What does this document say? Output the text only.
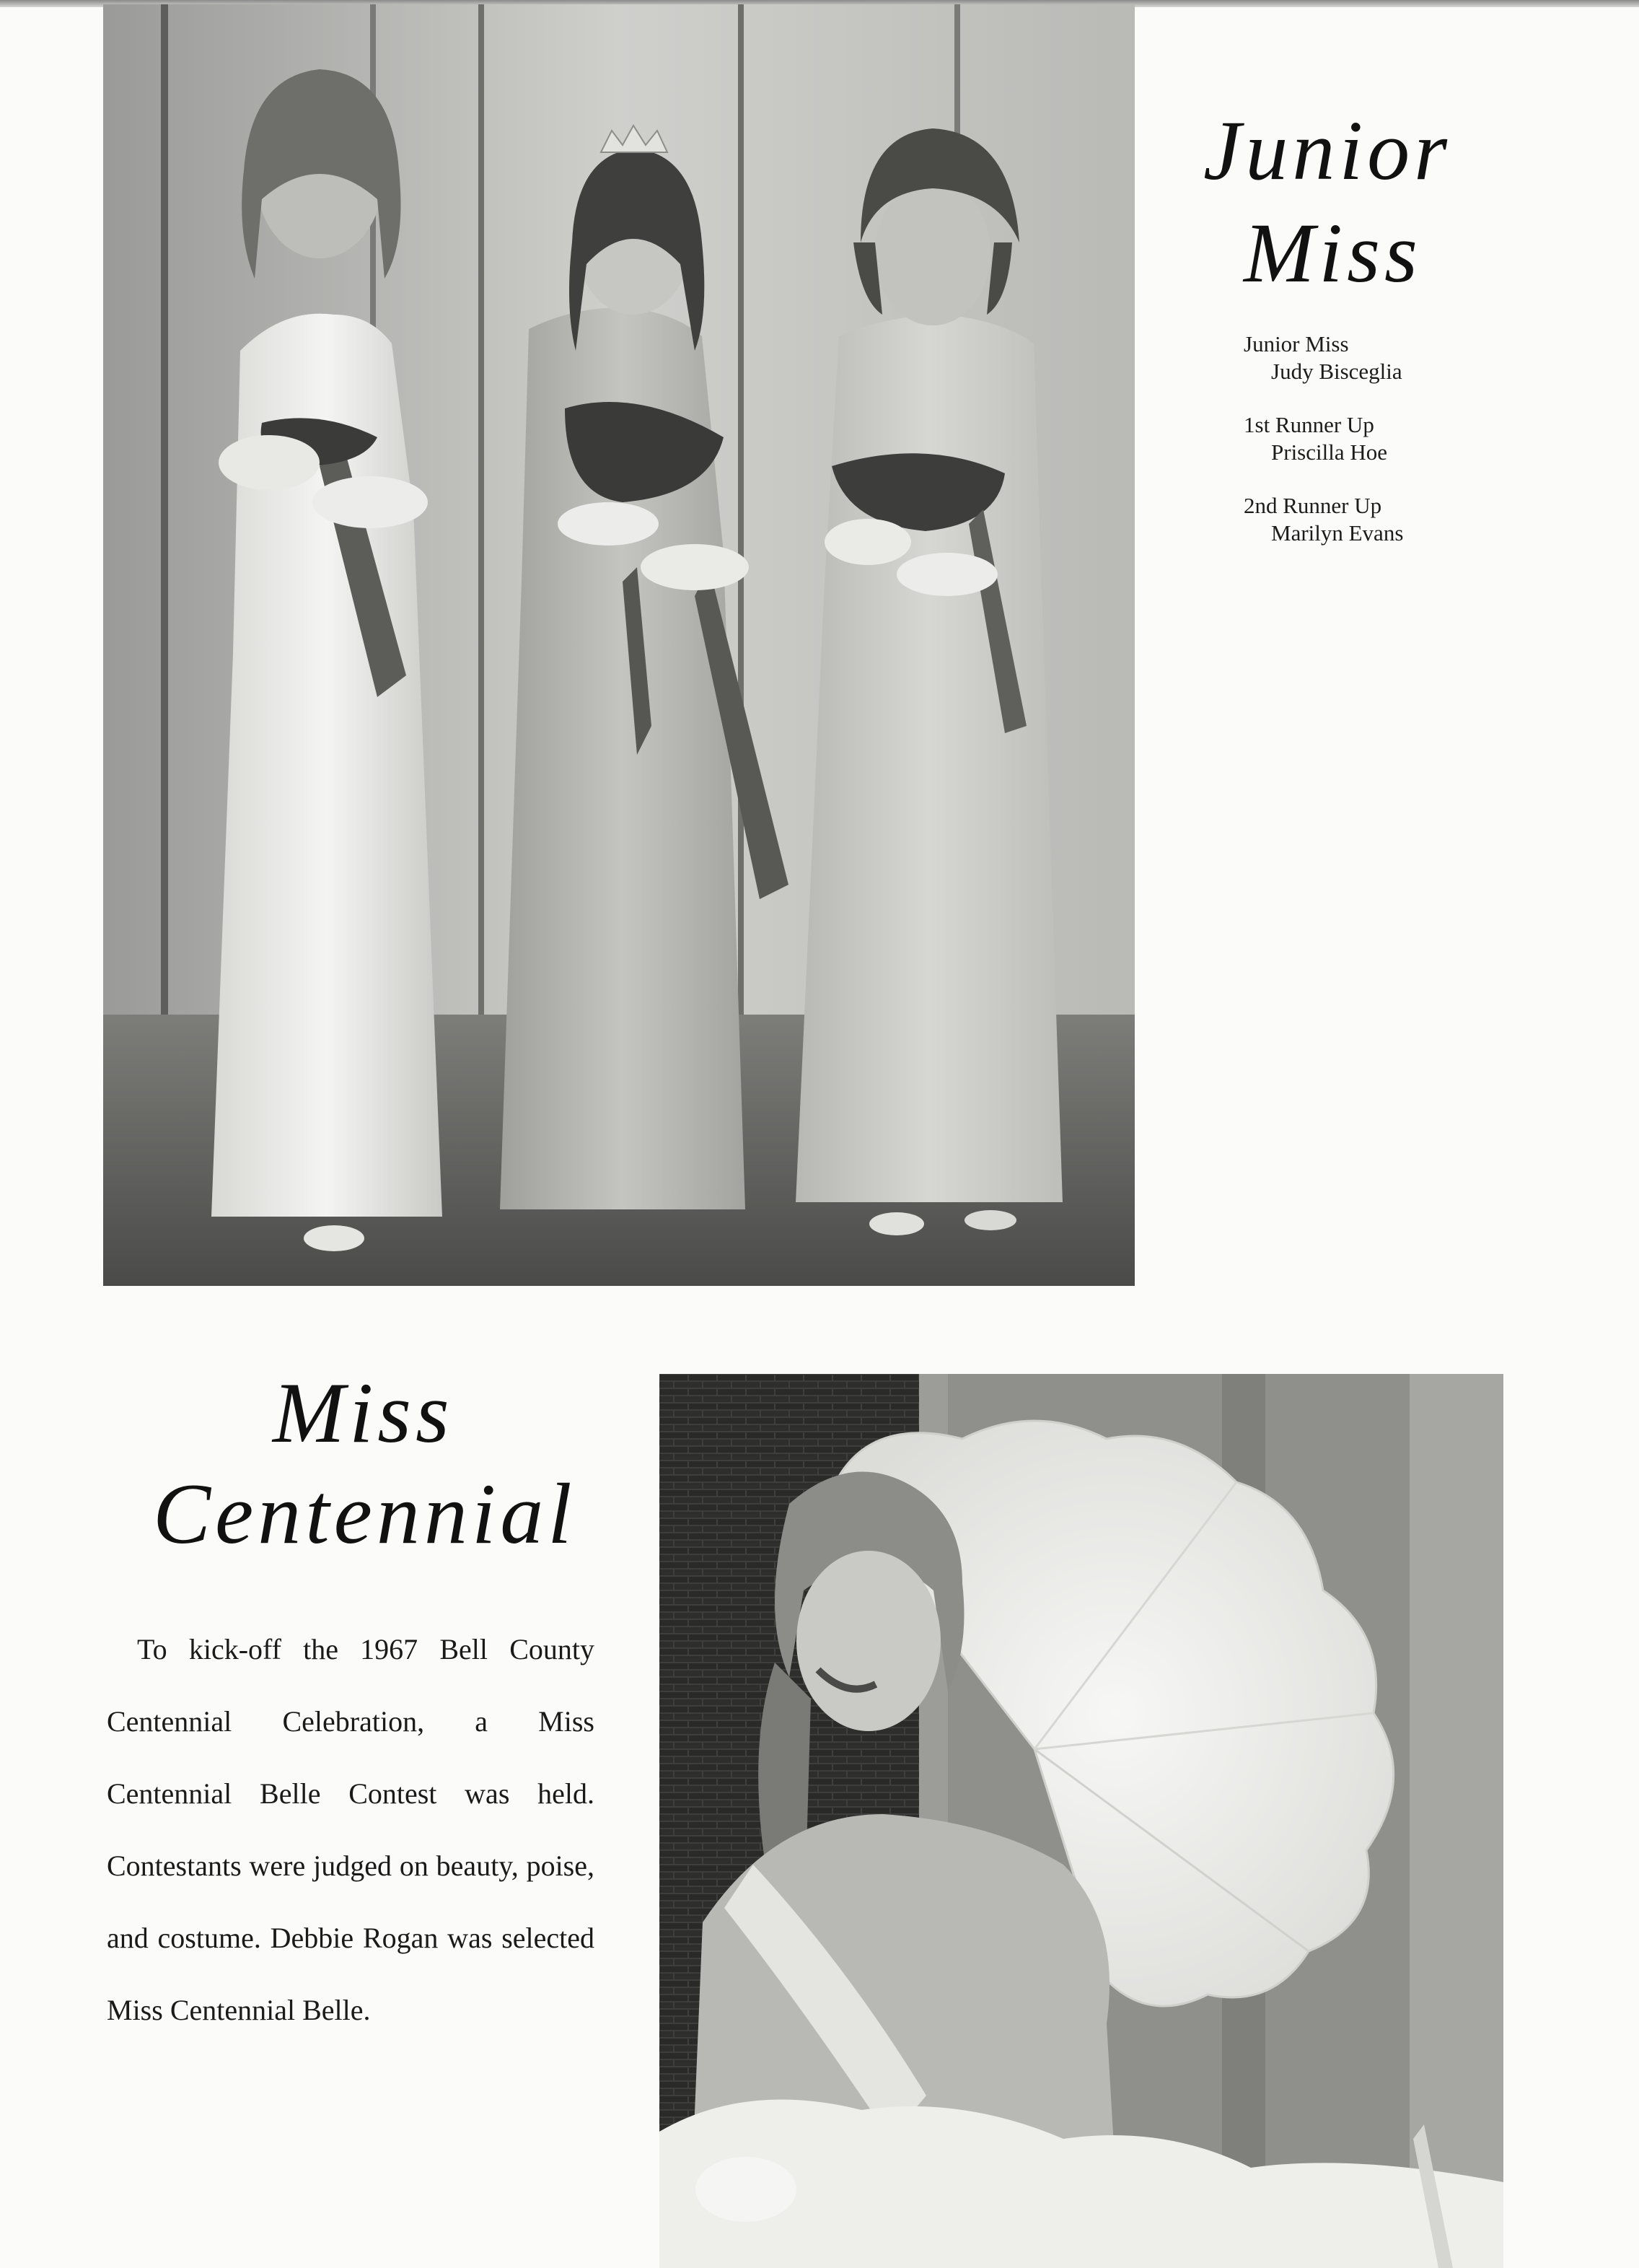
Junior
Miss
Junior Miss
Judy Bisceglia
1st Runner Up
Priscilla Hoe
2nd Runner Up
Marilyn Evans
Miss
Centennial

To kick-off the 1967 Bell County Centennial Celebration, a Miss Centennial Belle Contest was held. Contestants were judged on beauty, poise, and costume. Debbie Rogan was selected Miss Centennial Belle.
